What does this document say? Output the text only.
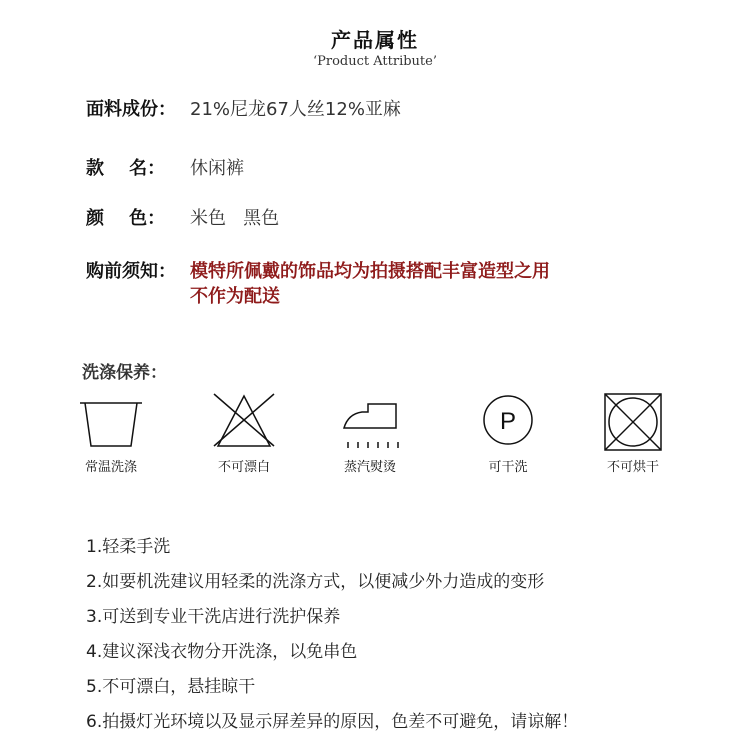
产品属性
‘Product Attribute’
面料成份： 21%尼龙67人丝12%亚麻
款    名：	休闲裤
颜    色：	米色   黑色
购前须知： 模特所佩戴的饰品均为拍摄搭配丰富造型之用
不作为配送
洗涤保养：
常温洗涤	不可漂白	蒸汽熨烫
P
可干洗	不可烘干
1.轻柔手洗
2.如要机洗建议用轻柔的洗涤方式，以便减少外力造成的变形
3.可送到专业干洗店进行洗护保养
4.建议深浅衣物分开洗涤，以免串色
5.不可漂白，悬挂晾干
6.拍摄灯光环境以及显示屏差异的原因，色差不可避免，请谅解！
